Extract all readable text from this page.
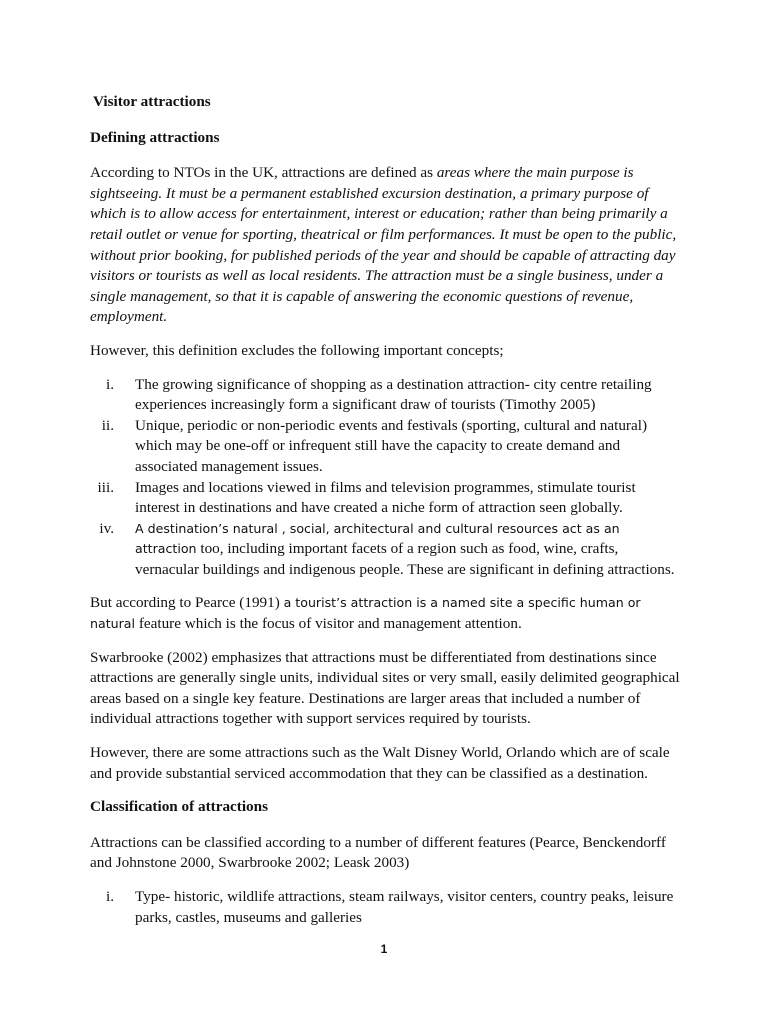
Visitor attractions

Defining attractions

According to NTOs in the UK, attractions are defined as areas where the main purpose is sightseeing. It must be a permanent established excursion destination, a primary purpose of which is to allow access for entertainment, interest or education; rather than being primarily a retail outlet or venue for sporting, theatrical or film performances. It must be open to the public, without prior booking, for published periods of the year and should be capable of attracting day visitors or tourists as well as local residents. The attraction must be a single business, under a single management, so that it is capable of answering the economic questions of revenue, employment.

However, this definition excludes the following important concepts;

i. The growing significance of shopping as a destination attraction- city centre retailing experiences increasingly form a significant draw of tourists (Timothy 2005)
ii. Unique, periodic or non-periodic events and festivals (sporting, cultural and natural) which may be one-off or infrequent still have the capacity to create demand and associated management issues.
iii. Images and locations viewed in films and television programmes, stimulate tourist interest in destinations and have created a niche form of attraction seen globally.
iv. A destination’s natural , social, architectural and cultural resources act as an attraction too, including important facets of a region such as food, wine, crafts, vernacular buildings and indigenous people. These are significant in defining attractions.

But according to Pearce (1991) a tourist’s attraction is a named site a specific human or natural feature which is the focus of visitor and management attention.

Swarbrooke (2002) emphasizes that attractions must be differentiated from destinations since attractions are generally single units, individual sites or very small, easily delimited geographical areas based on a single key feature. Destinations are larger areas that included a number of individual attractions together with support services required by tourists.

However, there are some attractions such as the Walt Disney World, Orlando which are of scale and provide substantial serviced accommodation that they can be classified as a destination.

Classification of attractions

Attractions can be classified according to a number of different features (Pearce, Benckendorff and Johnstone 2000, Swarbrooke 2002; Leask 2003)

i. Type- historic, wildlife attractions, steam railways, visitor centers, country peaks, leisure parks, castles, museums and galleries
1
